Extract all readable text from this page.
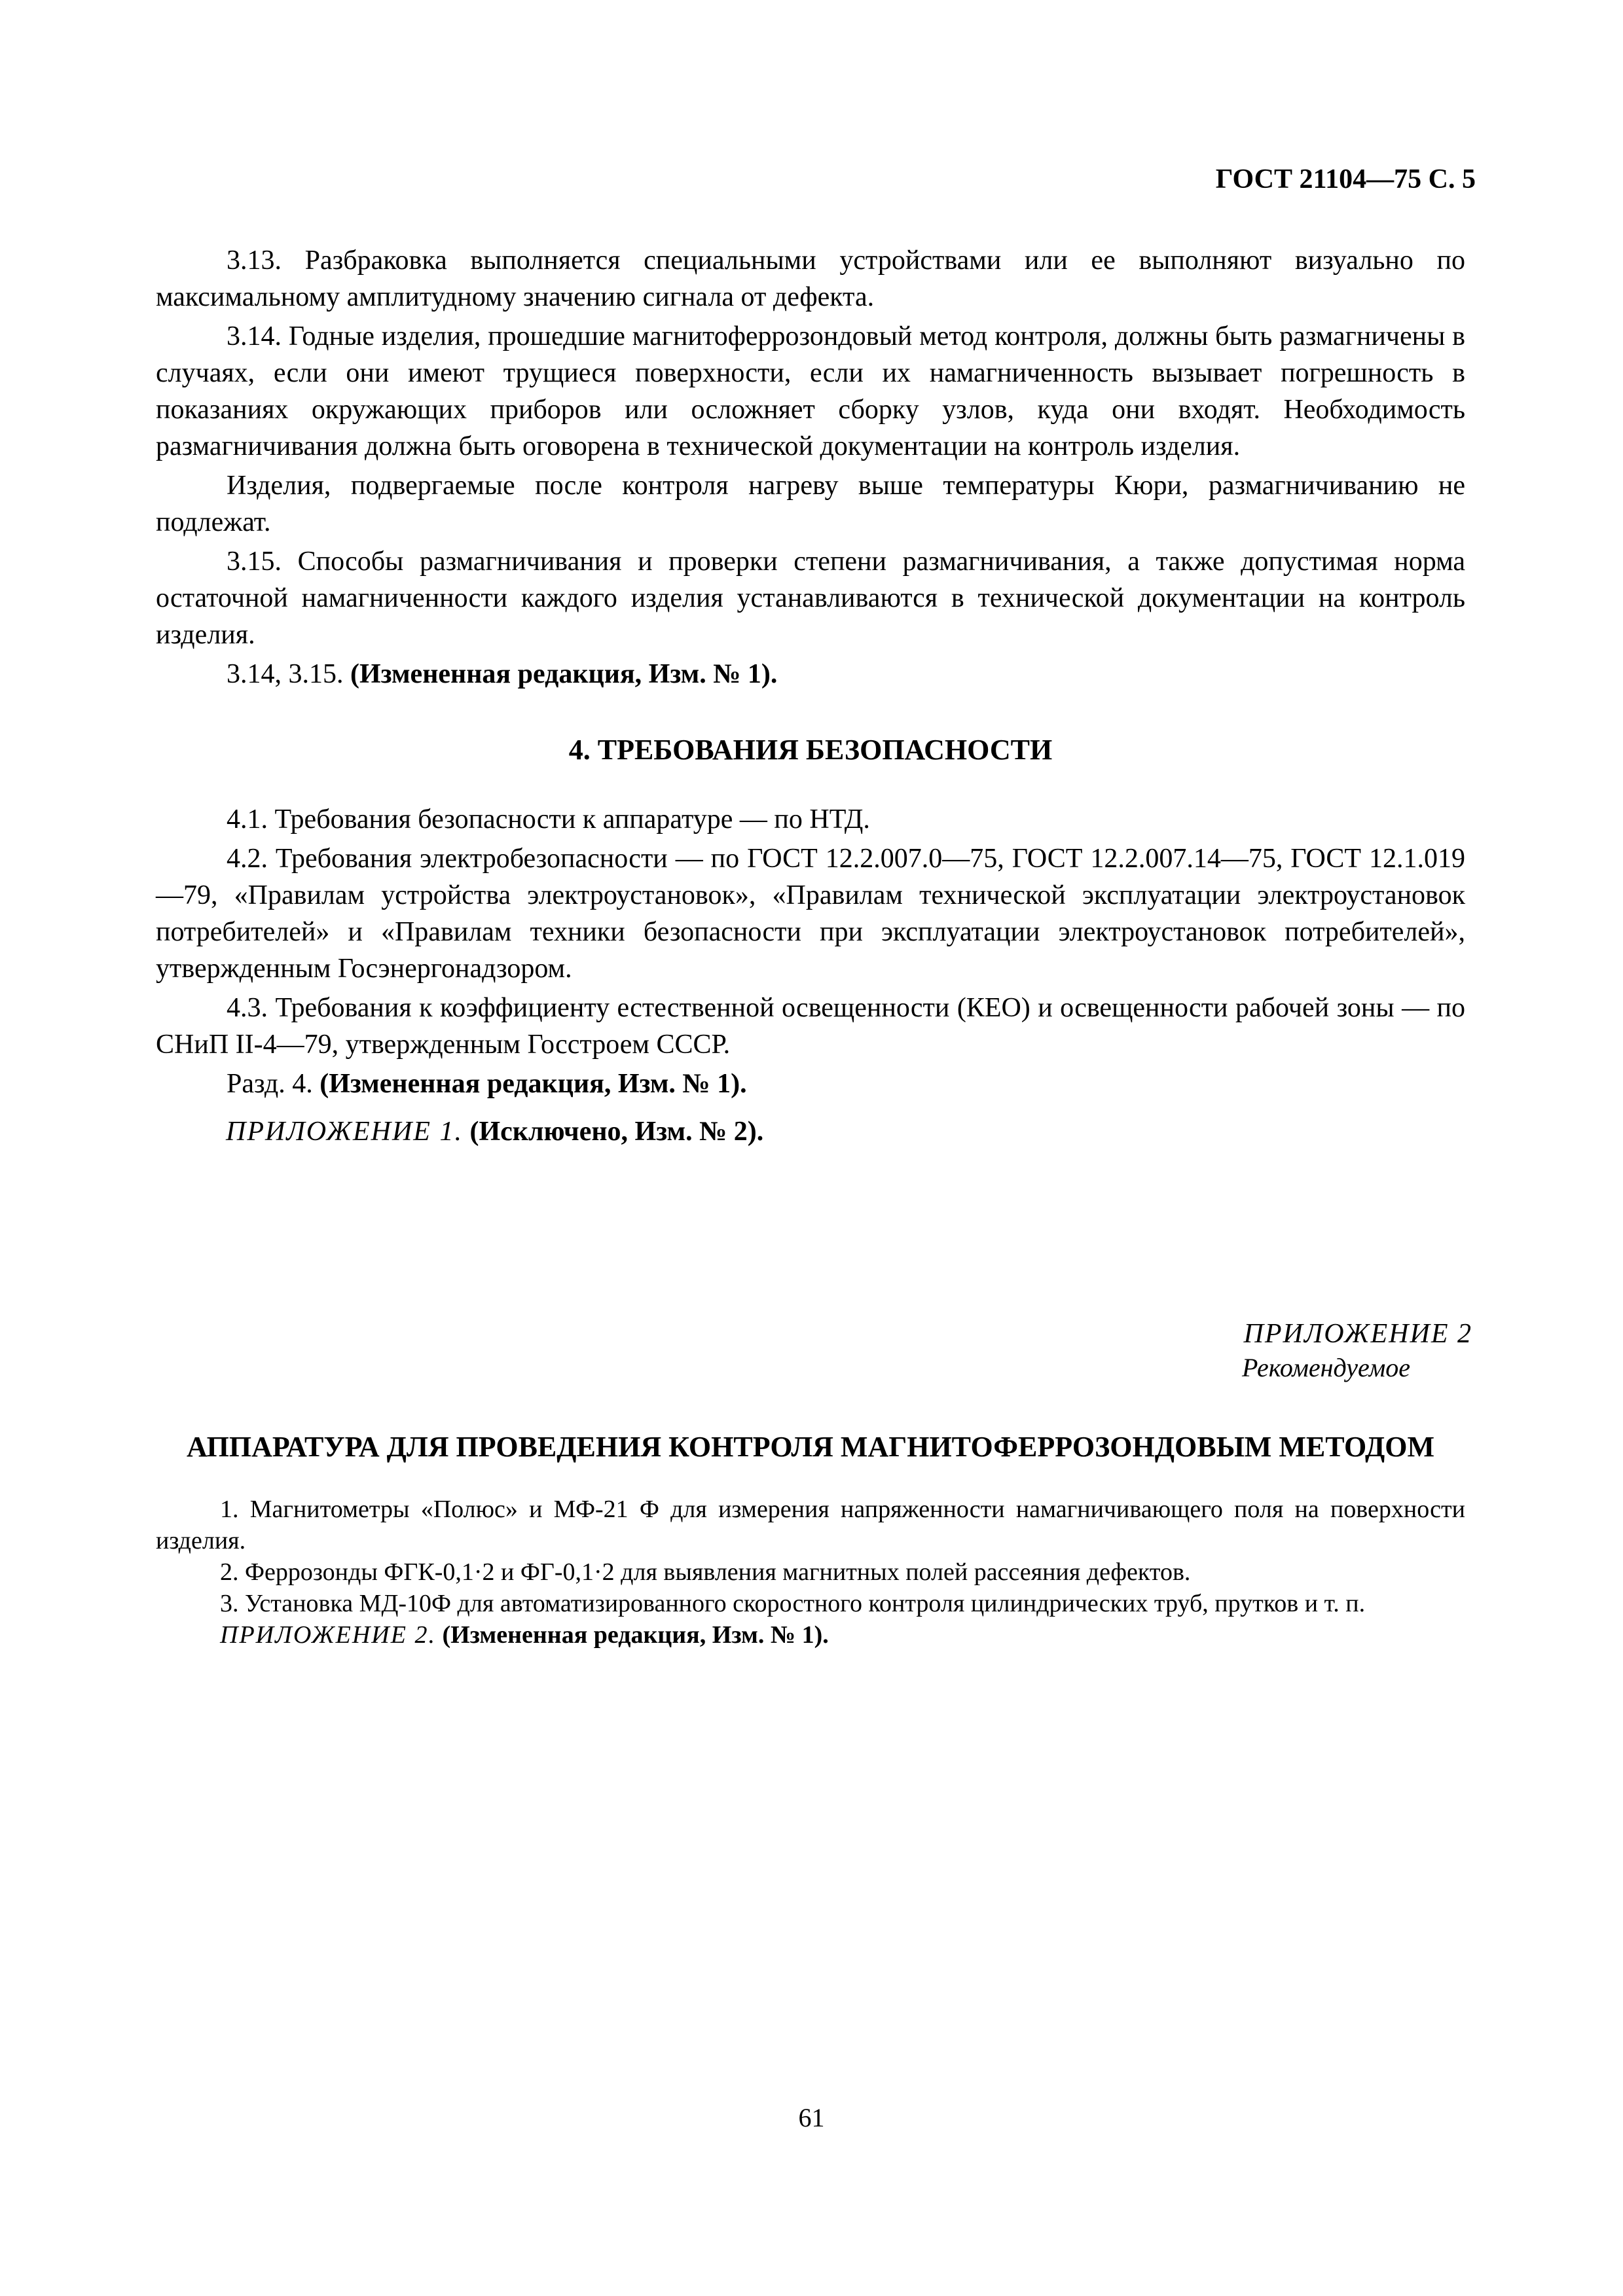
ГОСТ 21104—75 С. 5

3.13. Разбраковка выполняется специальными устройствами или ее выполняют визуально по максимальному амплитудному значению сигнала от дефекта.

3.14. Годные изделия, прошедшие магнитоферрозондовый метод контроля, должны быть размагничены в случаях, если они имеют трущиеся поверхности, если их намагниченность вызывает погрешность в показаниях окружающих приборов или осложняет сборку узлов, куда они входят. Необходимость размагничивания должна быть оговорена в технической документации на контроль изделия.

Изделия, подвергаемые после контроля нагреву выше температуры Кюри, размагничиванию не подлежат.

3.15. Способы размагничивания и проверки степени размагничивания, а также допустимая норма остаточной намагниченности каждого изделия устанавливаются в технической документации на контроль изделия.

3.14, 3.15. (Измененная редакция, Изм. № 1).

4. ТРЕБОВАНИЯ БЕЗОПАСНОСТИ

4.1. Требования безопасности к аппаратуре — по НТД.

4.2. Требования электробезопасности — по ГОСТ 12.2.007.0—75, ГОСТ 12.2.007.14—75, ГОСТ 12.1.019—79, «Правилам устройства электроустановок», «Правилам технической эксплуатации электроустановок потребителей» и «Правилам техники безопасности при эксплуатации электроустановок потребителей», утвержденным Госэнергонадзором.

4.3. Требования к коэффициенту естественной освещенности (КЕО) и освещенности рабочей зоны — по СНиП II-4—79, утвержденным Госстроем СССР.

Разд. 4. (Измененная редакция, Изм. № 1).

ПРИЛОЖЕНИЕ 1. (Исключено, Изм. № 2).
ПРИЛОЖЕНИЕ 2
Рекомендуемое
АППАРАТУРА ДЛЯ ПРОВЕДЕНИЯ КОНТРОЛЯ МАГНИТОФЕРРОЗОНДОВЫМ МЕТОДОМ

1. Магнитометры «Полюс» и МФ-21 Ф для измерения напряженности намагничивающего поля на поверхности изделия.

2. Феррозонды ФГК-0,1·2 и ФГ-0,1·2 для выявления магнитных полей рассеяния дефектов.

3. Установка МД-10Ф для автоматизированного скоростного контроля цилиндрических труб, прутков и т. п.

ПРИЛОЖЕНИЕ 2. (Измененная редакция, Изм. № 1).

61
